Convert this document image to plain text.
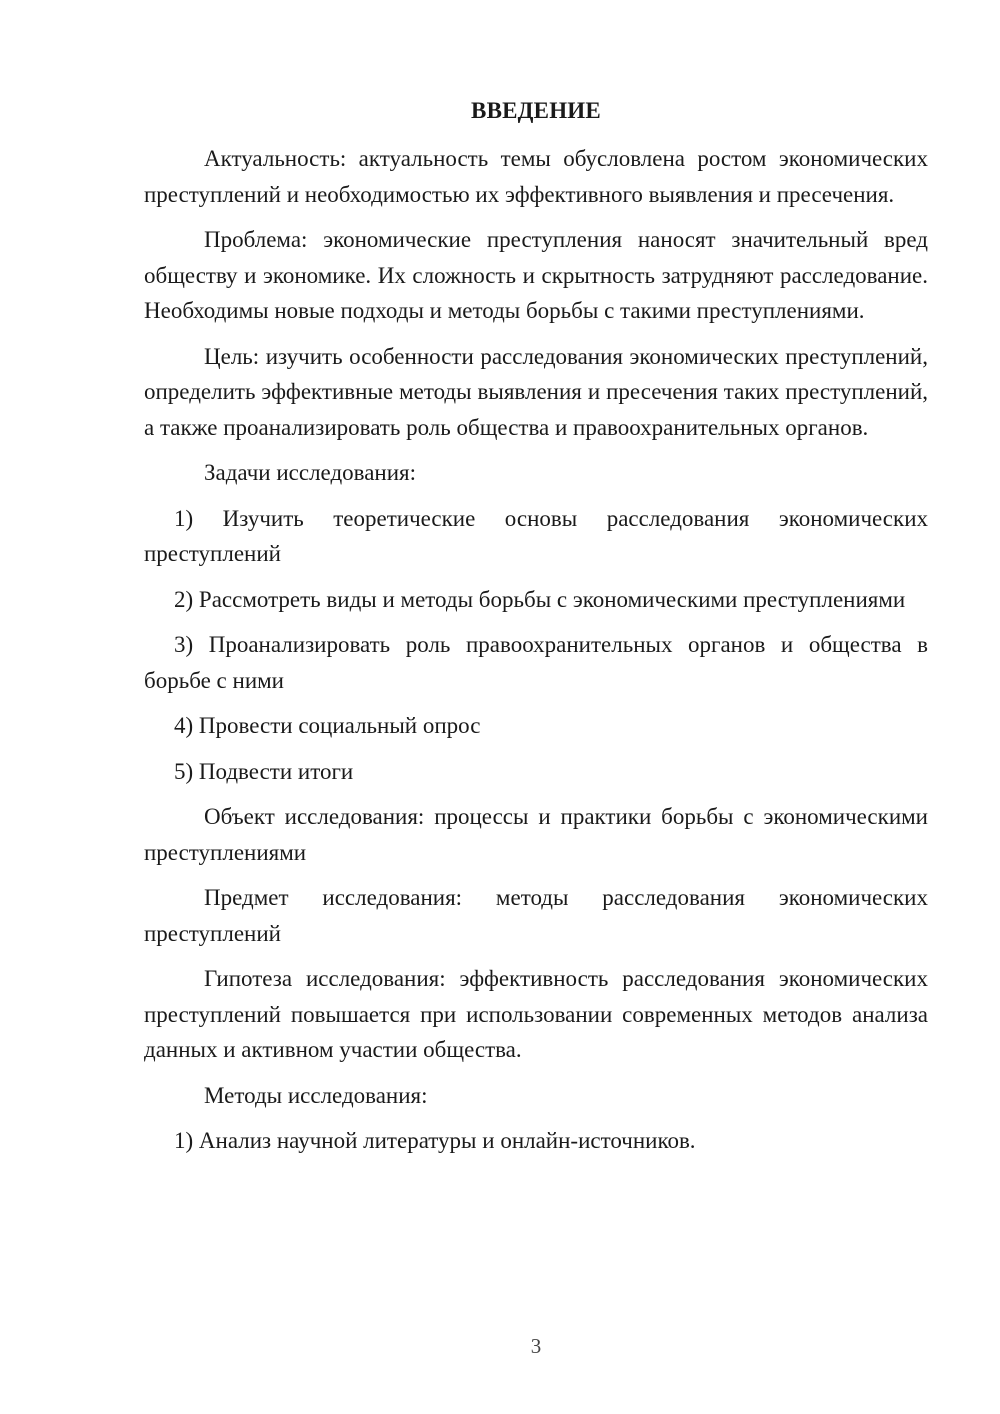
ВВЕДЕНИЕ

Актуальность: актуальность темы обусловлена ростом экономических преступлений и необходимостью их эффективного выявления и пресечения.

Проблема: экономические преступления наносят значительный вред обществу и экономике. Их сложность и скрытность затрудняют расследование. Необходимы новые подходы и методы борьбы с такими преступлениями.

Цель: изучить особенности расследования экономических преступлений, определить эффективные методы выявления и пресечения таких преступлений, а также проанализировать роль общества и правоохранительных органов.

Задачи исследования:

1) Изучить теоретические основы расследования экономических преступлений

2) Рассмотреть виды и методы борьбы с экономическими преступлениями

3) Проанализировать роль правоохранительных органов и общества в борьбе с ними

4) Провести социальный опрос

5) Подвести итоги

Объект исследования: процессы и практики борьбы с экономическими преступлениями

Предмет исследования: методы расследования экономических преступлений

Гипотеза исследования: эффективность расследования экономических преступлений повышается при использовании современных методов анализа данных и активном участии общества.

Методы исследования:

1) Анализ научной литературы и онлайн-источников.

3
